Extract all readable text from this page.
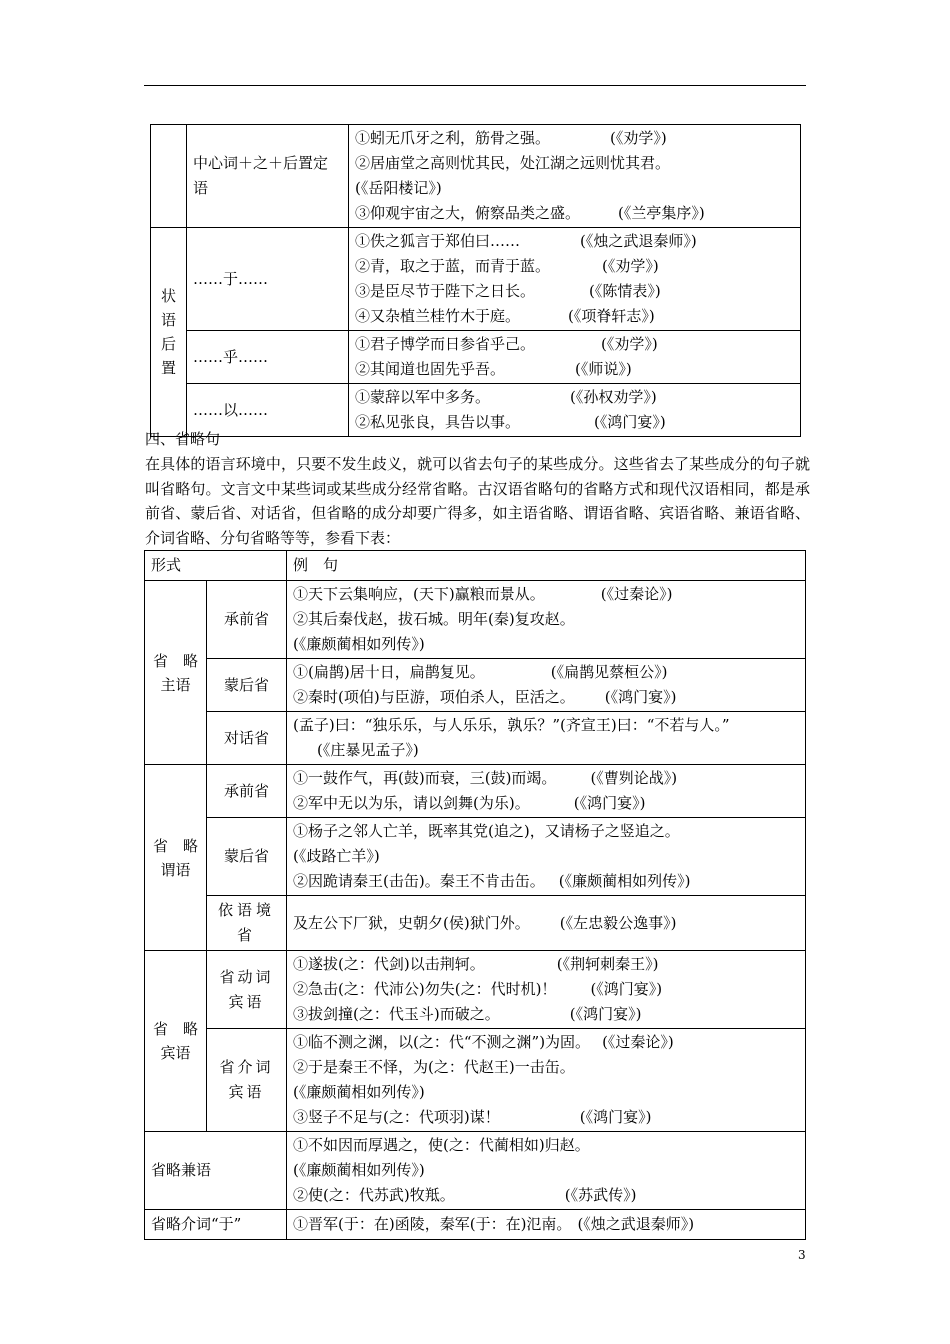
	中心词＋之＋后置定语	①蚓无爪牙之利，筋骨之强。 (《劝学》)
②居庙堂之高则忧其民，处江湖之远则忧其君。
(《岳阳楼记》)
③仰观宇宙之大，俯察品类之盛。 (《兰亭集序》)

状
语
后
置	……于……	①佚之狐言于郑伯曰…… (《烛之武退秦师》)
②青，取之于蓝，而青于蓝。 (《劝学》)
③是臣尽节于陛下之日长。 (《陈情表》)
④又杂植兰桂竹木于庭。 (《项脊轩志》)

	……乎……	①君子博学而日参省乎己。 (《劝学》)
②其闻道也固先乎吾。 (《师说》)

	……以……	①蒙辞以军中多务。 (《孙权劝学》)
②私见张良，具告以事。 (《鸿门宴》)
四、省略句
在具体的语言环境中，只要不发生歧义，就可以省去句子的某些成分。这些省去了某些成分的句子就叫省略句。文言文中某些词或某些成分经常省略。古汉语省略句的省略方式和现代汉语相同，都是承前省、蒙后省、对话省，但省略的成分却要广得多，如主语省略、谓语省略、宾语省略、兼语省略、介词省略、分句省略等等，参看下表：
形式		例　句

省　略
主语	承前省	①天下云集响应，(天下)赢粮而景从。 (《过秦论》)
②其后秦伐赵，拔石城。明年(秦)复攻赵。
(《廉颇蔺相如列传》)

	蒙后省	①(扁鹊)居十日，扁鹊复见。 (《扁鹊见蔡桓公》)
②秦时(项伯)与臣游，项伯杀人，臣活之。 (《鸿门宴》)

	对话省	(孟子)曰：“独乐乐，与人乐乐，孰乐？”(齐宣王)曰：“不若与人。”
(《庄暴见孟子》)

省　略
谓语	承前省	①一鼓作气，再(鼓)而衰，三(鼓)而竭。 (《曹刿论战》)
②军中无以为乐，请以剑舞(为乐)。 (《鸿门宴》)

	蒙后省	①杨子之邻人亡羊，既率其党(追之)，又请杨子之竖追之。
(《歧路亡羊》)
②因跪请秦王(击缶)。秦王不肯击缶。 (《廉颇蔺相如列传》)

	依语境省	及左公下厂狱，史朝夕(侯)狱门外。 (《左忠毅公逸事》)

省　略
宾语	省动词宾语	①遂拔(之：代剑)以击荆轲。 (《荆轲刺秦王》)
②急击(之：代沛公)勿失(之：代时机)！ (《鸿门宴》)
③拔剑撞(之：代玉斗)而破之。 (《鸿门宴》)

	省介词宾语	①临不测之渊，以(之：代“不测之渊”)为固。 (《过秦论》)
②于是秦王不怿，为(之：代赵王)一击缶。
(《廉颇蔺相如列传》)
③竖子不足与(之：代项羽)谋！ (《鸿门宴》)

省略兼语		①不如因而厚遇之，使(之：代蔺相如)归赵。
(《廉颇蔺相如列传》)
②使(之：代苏武)牧羝。 (《苏武传》)

省略介词“于”		①晋军(于：在)函陵，秦军(于：在)氾南。 (《烛之武退秦师》)
3
